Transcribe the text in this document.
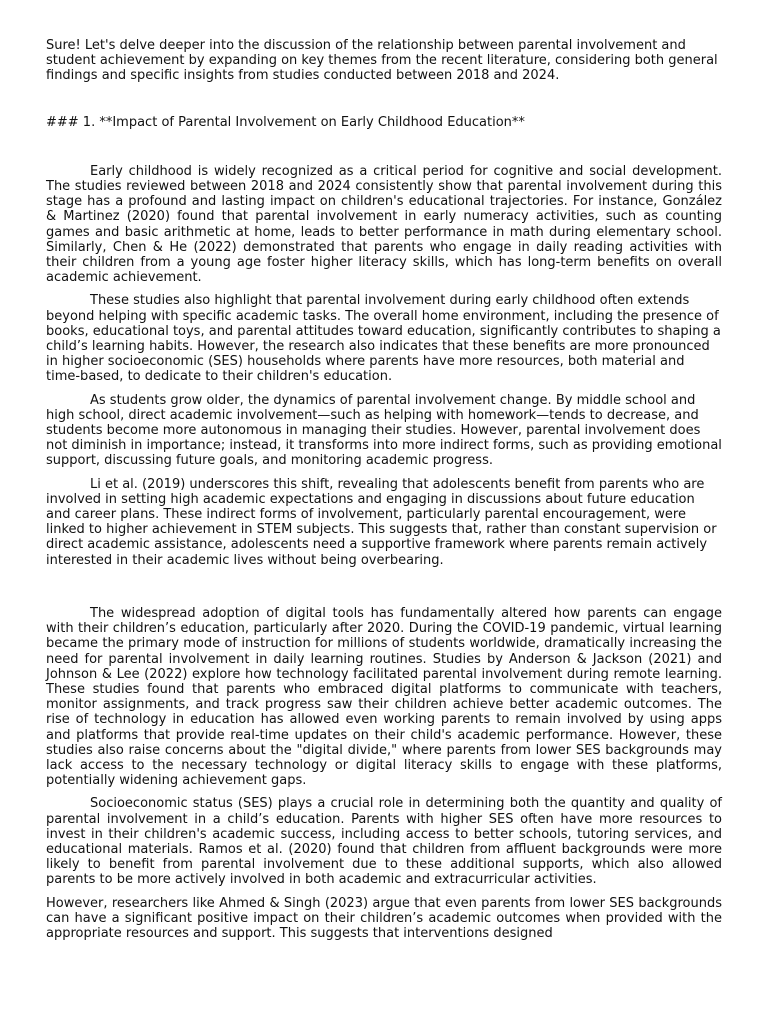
Sure! Let's delve deeper into the discussion of the relationship between parental involvement and student achievement by expanding on key themes from the recent literature, considering both general findings and specific insights from studies conducted between 2018 and 2024.

### 1. **Impact of Parental Involvement on Early Childhood Education**

Early childhood is widely recognized as a critical period for cognitive and social development. The studies reviewed between 2018 and 2024 consistently show that parental involvement during this stage has a profound and lasting impact on children's educational trajectories. For instance, González & Martinez (2020) found that parental involvement in early numeracy activities, such as counting games and basic arithmetic at home, leads to better performance in math during elementary school. Similarly, Chen & He (2022) demonstrated that parents who engage in daily reading activities with their children from a young age foster higher literacy skills, which has long-term benefits on overall academic achievement.

These studies also highlight that parental involvement during early childhood often extends beyond helping with specific academic tasks. The overall home environment, including the presence of books, educational toys, and parental attitudes toward education, significantly contributes to shaping a child’s learning habits. However, the research also indicates that these benefits are more pronounced in higher socioeconomic (SES) households where parents have more resources, both material and time-based, to dedicate to their children's education.

As students grow older, the dynamics of parental involvement change. By middle school and high school, direct academic involvement—such as helping with homework—tends to decrease, and students become more autonomous in managing their studies. However, parental involvement does not diminish in importance; instead, it transforms into more indirect forms, such as providing emotional support, discussing future goals, and monitoring academic progress.

Li et al. (2019) underscores this shift, revealing that adolescents benefit from parents who are involved in setting high academic expectations and engaging in discussions about future education and career plans. These indirect forms of involvement, particularly parental encouragement, were linked to higher achievement in STEM subjects. This suggests that, rather than constant supervision or direct academic assistance, adolescents need a supportive framework where parents remain actively interested in their academic lives without being overbearing.

The widespread adoption of digital tools has fundamentally altered how parents can engage with their children’s education, particularly after 2020. During the COVID-19 pandemic, virtual learning became the primary mode of instruction for millions of students worldwide, dramatically increasing the need for parental involvement in daily learning routines. Studies by Anderson & Jackson (2021) and Johnson & Lee (2022) explore how technology facilitated parental involvement during remote learning. These studies found that parents who embraced digital platforms to communicate with teachers, monitor assignments, and track progress saw their children achieve better academic outcomes. The rise of technology in education has allowed even working parents to remain involved by using apps and platforms that provide real-time updates on their child's academic performance. However, these studies also raise concerns about the "digital divide," where parents from lower SES backgrounds may lack access to the necessary technology or digital literacy skills to engage with these platforms, potentially widening achievement gaps.

Socioeconomic status (SES) plays a crucial role in determining both the quantity and quality of parental involvement in a child’s education. Parents with higher SES often have more resources to invest in their children's academic success, including access to better schools, tutoring services, and educational materials. Ramos et al. (2020) found that children from affluent backgrounds were more likely to benefit from parental involvement due to these additional supports, which also allowed parents to be more actively involved in both academic and extracurricular activities.

However, researchers like Ahmed & Singh (2023) argue that even parents from lower SES backgrounds can have a significant positive impact on their children’s academic outcomes when provided with the appropriate resources and support. This suggests that interventions designed
